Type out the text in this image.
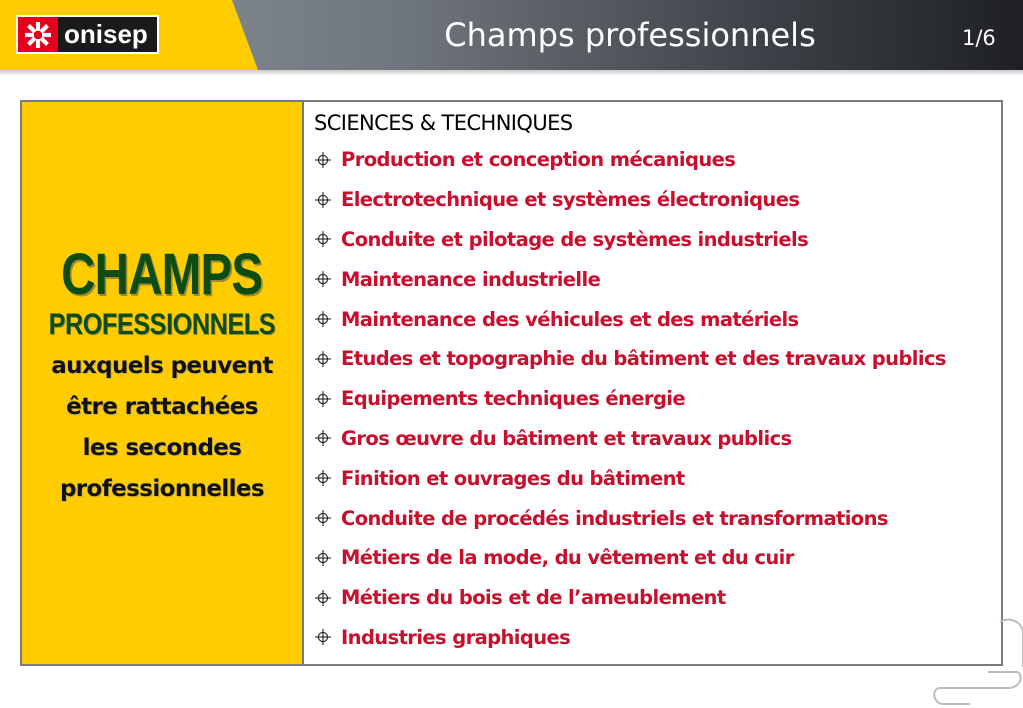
onisep	Champs professionnels	1/6
CHAMPS
PROFESSIONNELS
auxquels peuvent
être rattachées
les secondes
professionnelles
SCIENCES & TECHNIQUES
Production et conception mécaniques
Electrotechnique et systèmes électroniques
Conduite et pilotage de systèmes industriels
Maintenance industrielle
Maintenance des véhicules et des matériels
Etudes et topographie du bâtiment et des travaux publics
Equipements techniques énergie
Gros œuvre du bâtiment et travaux publics
Finition et ouvrages du bâtiment
Conduite de procédés industriels et transformations
Métiers de la mode, du vêtement et du cuir
Métiers du bois et de l’ameublement
Industries graphiques
